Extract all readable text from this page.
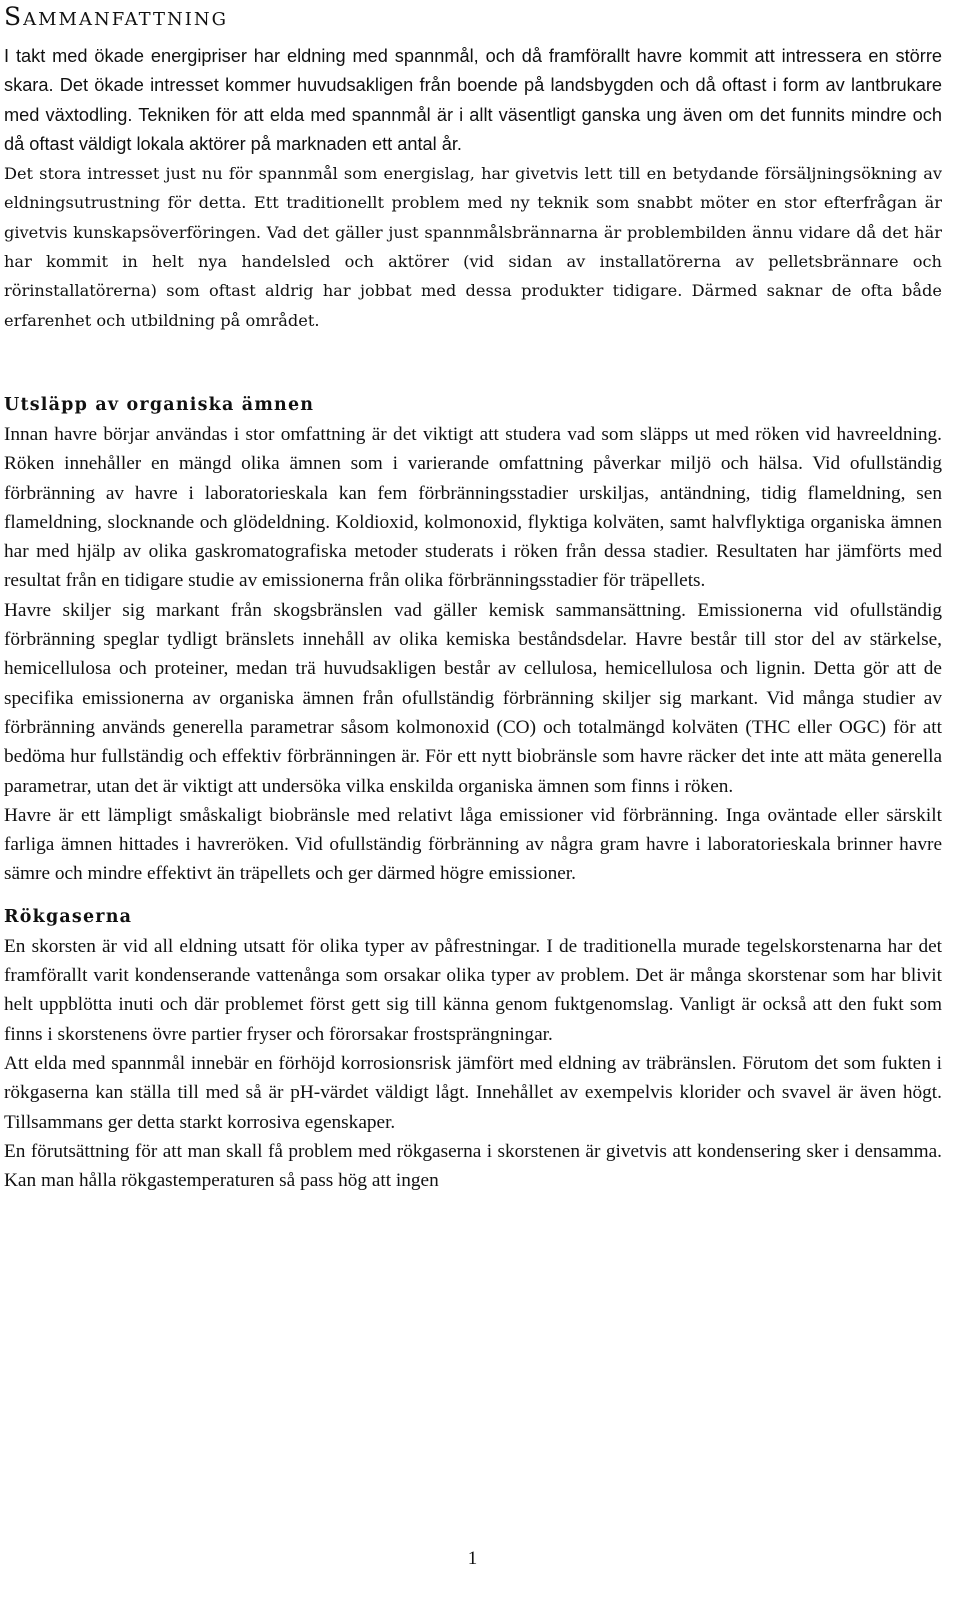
Sammanfattning

I takt med ökade energipriser har eldning med spannmål, och då framförallt havre kommit att intressera en större skara. Det ökade intresset kommer huvudsakligen från boende på landsbygden och då oftast i form av lantbrukare med växtodling. Tekniken för att elda med spannmål är i allt väsentligt ganska ung även om det funnits mindre och då oftast väldigt lokala aktörer på marknaden ett antal år.

Det stora intresset just nu för spannmål som energislag, har givetvis lett till en betydande försäljningsökning av eldningsutrustning för detta. Ett traditionellt problem med ny teknik som snabbt möter en stor efterfrågan är givetvis kunskapsöverföringen. Vad det gäller just spannmålsbrännarna är problembilden ännu vidare då det här har kommit in helt nya handelsled och aktörer (vid sidan av installatörerna av pelletsbrännare och rörinstallatörerna) som oftast aldrig har jobbat med dessa produkter tidigare. Därmed saknar de ofta både erfarenhet och utbildning på området.

Utsläpp av organiska ämnen

Innan havre börjar användas i stor omfattning är det viktigt att studera vad som släpps ut med röken vid havreeldning. Röken innehåller en mängd olika ämnen som i varierande omfattning påverkar miljö och hälsa. Vid ofullständig förbränning av havre i laboratorieskala kan fem förbränningsstadier urskiljas, antändning, tidig flameldning, sen flameldning, slocknande och glödeldning. Koldioxid, kolmonoxid, flyktiga kolväten, samt halvflyktiga organiska ämnen har med hjälp av olika gaskromatografiska metoder studerats i röken från dessa stadier. Resultaten har jämförts med resultat från en tidigare studie av emissionerna från olika förbränningsstadier för träpellets.

Havre skiljer sig markant från skogsbränslen vad gäller kemisk sammansättning. Emissionerna vid ofullständig förbränning speglar tydligt bränslets innehåll av olika kemiska beståndsdelar. Havre består till stor del av stärkelse, hemicellulosa och proteiner, medan trä huvudsakligen består av cellulosa, hemicellulosa och lignin. Detta gör att de specifika emissionerna av organiska ämnen från ofullständig förbränning skiljer sig markant. Vid många studier av förbränning används generella parametrar såsom kolmonoxid (CO) och totalmängd kolväten (THC eller OGC) för att bedöma hur fullständig och effektiv förbränningen är. För ett nytt biobränsle som havre räcker det inte att mäta generella parametrar, utan det är viktigt att undersöka vilka enskilda organiska ämnen som finns i röken.

Havre är ett lämpligt småskaligt biobränsle med relativt låga emissioner vid förbränning. Inga oväntade eller särskilt farliga ämnen hittades i havreröken. Vid ofullständig förbränning av några gram havre i laboratorieskala brinner havre sämre och mindre effektivt än träpellets och ger därmed högre emissioner.

Rökgaserna

En skorsten är vid all eldning utsatt för olika typer av påfrestningar. I de traditionella murade tegelskorstenarna har det framförallt varit kondenserande vattenånga som orsakar olika typer av problem. Det är många skorstenar som har blivit helt uppblötta inuti och där problemet först gett sig till känna genom fuktgenomslag. Vanligt är också att den fukt som finns i skorstenens övre partier fryser och förorsakar frostsprängningar.

Att elda med spannmål innebär en förhöjd korrosionsrisk jämfört med eldning av träbränslen. Förutom det som fukten i rökgaserna kan ställa till med så är pH-värdet väldigt lågt. Innehållet av exempelvis klorider och svavel är även högt. Tillsammans ger detta starkt korrosiva egenskaper.

En förutsättning för att man skall få problem med rökgaserna i skorstenen är givetvis att kondensering sker i densamma. Kan man hålla rökgastemperaturen så pass hög att ingen

1
